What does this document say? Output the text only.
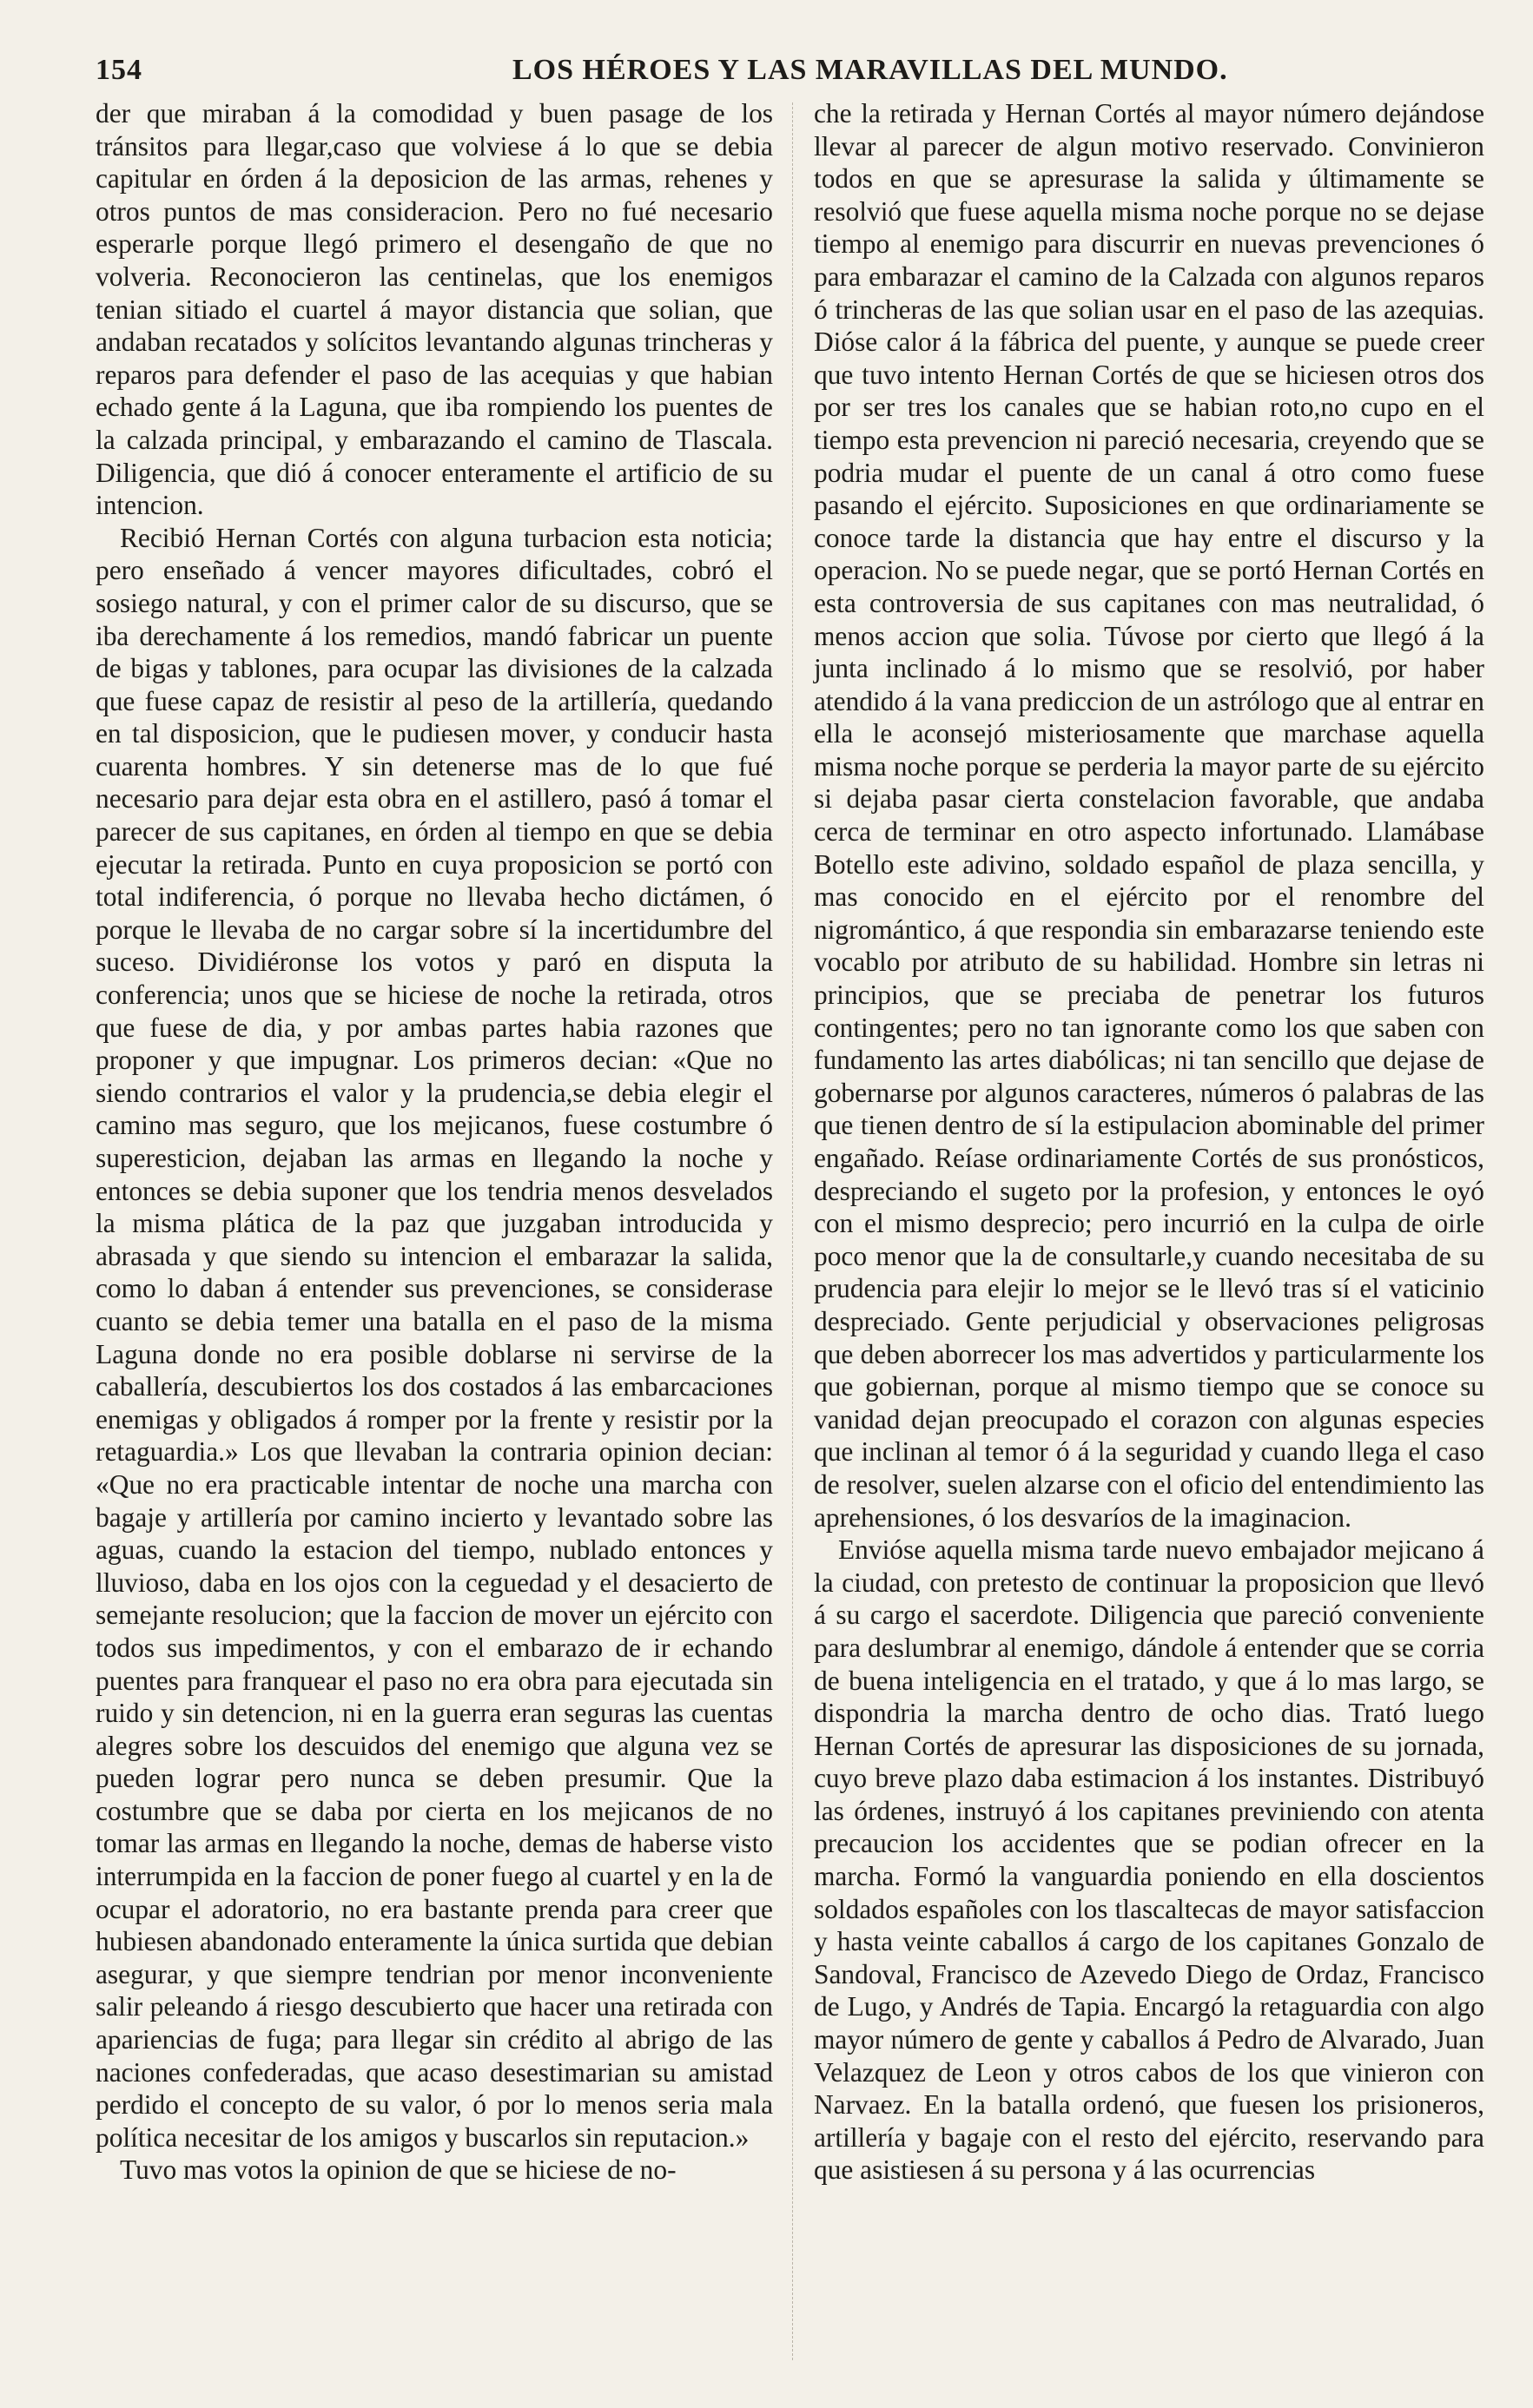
154	LOS HÉROES Y LAS MARAVILLAS DEL MUNDO.

der que miraban á la comodidad y buen pasage de los tránsitos para llegar,caso que volviese á lo que se debia capitular en órden á la deposicion de las armas, rehenes y otros puntos de mas consideracion. Pero no fué necesario esperarle porque llegó primero el desengaño de que no volveria. Reconocieron las centinelas, que los enemigos tenian sitiado el cuartel á mayor distancia que solian, que andaban recatados y solícitos levantando algunas trincheras y reparos para defender el paso de las acequias y que habian echado gente á la Laguna, que iba rompiendo los puentes de la calzada principal, y embarazando el camino de Tlascala. Diligencia, que dió á conocer enteramente el artificio de su intencion.

Recibió Hernan Cortés con alguna turbacion esta noticia; pero enseñado á vencer mayores dificultades, cobró el sosiego natural, y con el primer calor de su discurso, que se iba derechamente á los remedios, mandó fabricar un puente de bigas y tablones, para ocupar las divisiones de la calzada que fuese capaz de resistir al peso de la artillería, quedando en tal disposicion, que le pudiesen mover, y conducir hasta cuarenta hombres. Y sin detenerse mas de lo que fué necesario para dejar esta obra en el astillero, pasó á tomar el parecer de sus capitanes, en órden al tiempo en que se debia ejecutar la retirada. Punto en cuya proposicion se portó con total indiferencia, ó porque no llevaba hecho dictámen, ó porque le llevaba de no cargar sobre sí la incertidumbre del suceso. Dividiéronse los votos y paró en disputa la conferencia; unos que se hiciese de noche la retirada, otros que fuese de dia, y por ambas partes habia razones que proponer y que impugnar. Los primeros decian: «Que no siendo contrarios el valor y la prudencia,se debia elegir el camino mas seguro, que los mejicanos, fuese costumbre ó superesticion, dejaban las armas en llegando la noche y entonces se debia suponer que los tendria menos desvelados la misma plática de la paz que juzgaban introducida y abrasada y que siendo su intencion el embarazar la salida, como lo daban á entender sus prevenciones, se considerase cuanto se debia temer una batalla en el paso de la misma Laguna donde no era posible doblarse ni servirse de la caballería, descubiertos los dos costados á las embarcaciones enemigas y obligados á romper por la frente y resistir por la retaguardia.» Los que llevaban la contraria opinion decian: «Que no era practicable intentar de noche una marcha con bagaje y artillería por camino incierto y levantado sobre las aguas, cuando la estacion del tiempo, nublado entonces y lluvioso, daba en los ojos con la ceguedad y el desacierto de semejante resolucion; que la faccion de mover un ejército con todos sus impedimentos, y con el embarazo de ir echando puentes para franquear el paso no era obra para ejecutada sin ruido y sin detencion, ni en la guerra eran seguras las cuentas alegres sobre los descuidos del enemigo que alguna vez se pueden lograr pero nunca se deben presumir. Que la costumbre que se daba por cierta en los mejicanos de no tomar las armas en llegando la noche, demas de haberse visto interrumpida en la faccion de poner fuego al cuartel y en la de ocupar el adoratorio, no era bastante prenda para creer que hubiesen abandonado enteramente la única surtida que debian asegurar, y que siempre tendrian por menor inconveniente salir peleando á riesgo descubierto que hacer una retirada con apariencias de fuga; para llegar sin crédito al abrigo de las naciones confederadas, que acaso desestimarian su amistad perdido el concepto de su valor, ó por lo menos seria mala política necesitar de los amigos y buscarlos sin reputacion.»

Tuvo mas votos la opinion de que se hiciese de no-

che la retirada y Hernan Cortés al mayor número dejándose llevar al parecer de algun motivo reservado. Convinieron todos en que se apresurase la salida y últimamente se resolvió que fuese aquella misma noche porque no se dejase tiempo al enemigo para discurrir en nuevas prevenciones ó para embarazar el camino de la Calzada con algunos reparos ó trincheras de las que solian usar en el paso de las azequias. Dióse calor á la fábrica del puente, y aunque se puede creer que tuvo intento Hernan Cortés de que se hiciesen otros dos por ser tres los canales que se habian roto,no cupo en el tiempo esta prevencion ni pareció necesaria, creyendo que se podria mudar el puente de un canal á otro como fuese pasando el ejército. Suposiciones en que ordinariamente se conoce tarde la distancia que hay entre el discurso y la operacion. No se puede negar, que se portó Hernan Cortés en esta controversia de sus capitanes con mas neutralidad, ó menos accion que solia. Túvose por cierto que llegó á la junta inclinado á lo mismo que se resolvió, por haber atendido á la vana prediccion de un astrólogo que al entrar en ella le aconsejó misteriosamente que marchase aquella misma noche porque se perderia la mayor parte de su ejército si dejaba pasar cierta constelacion favorable, que andaba cerca de terminar en otro aspecto infortunado. Llamábase Botello este adivino, soldado español de plaza sencilla, y mas conocido en el ejército por el renombre del nigromántico, á que respondia sin embarazarse teniendo este vocablo por atributo de su habilidad. Hombre sin letras ni principios, que se preciaba de penetrar los futuros contingentes; pero no tan ignorante como los que saben con fundamento las artes diabólicas; ni tan sencillo que dejase de gobernarse por algunos caracteres, números ó palabras de las que tienen dentro de sí la estipulacion abominable del primer engañado. Reíase ordinariamente Cortés de sus pronósticos, despreciando el sugeto por la profesion, y entonces le oyó con el mismo desprecio; pero incurrió en la culpa de oirle poco menor que la de consultarle,y cuando necesitaba de su prudencia para elejir lo mejor se le llevó tras sí el vaticinio despreciado. Gente perjudicial y observaciones peligrosas que deben aborrecer los mas advertidos y particularmente los que gobiernan, porque al mismo tiempo que se conoce su vanidad dejan preocupado el corazon con algunas especies que inclinan al temor ó á la seguridad y cuando llega el caso de resolver, suelen alzarse con el oficio del entendimiento las aprehensiones, ó los desvaríos de la imaginacion.

Envióse aquella misma tarde nuevo embajador mejicano á la ciudad, con pretesto de continuar la proposicion que llevó á su cargo el sacerdote. Diligencia que pareció conveniente para deslumbrar al enemigo, dándole á entender que se corria de buena inteligencia en el tratado, y que á lo mas largo, se dispondria la marcha dentro de ocho dias. Trató luego Hernan Cortés de apresurar las disposiciones de su jornada, cuyo breve plazo daba estimacion á los instantes. Distribuyó las órdenes, instruyó á los capitanes previniendo con atenta precaucion los accidentes que se podian ofrecer en la marcha. Formó la vanguardia poniendo en ella doscientos soldados españoles con los tlascaltecas de mayor satisfaccion y hasta veinte caballos á cargo de los capitanes Gonzalo de Sandoval, Francisco de Azevedo Diego de Ordaz, Francisco de Lugo, y Andrés de Tapia. Encargó la retaguardia con algo mayor número de gente y caballos á Pedro de Alvarado, Juan Velazquez de Leon y otros cabos de los que vinieron con Narvaez. En la batalla ordenó, que fuesen los prisioneros, artillería y bagaje con el resto del ejército, reservando para que asistiesen á su persona y á las ocurrencias
